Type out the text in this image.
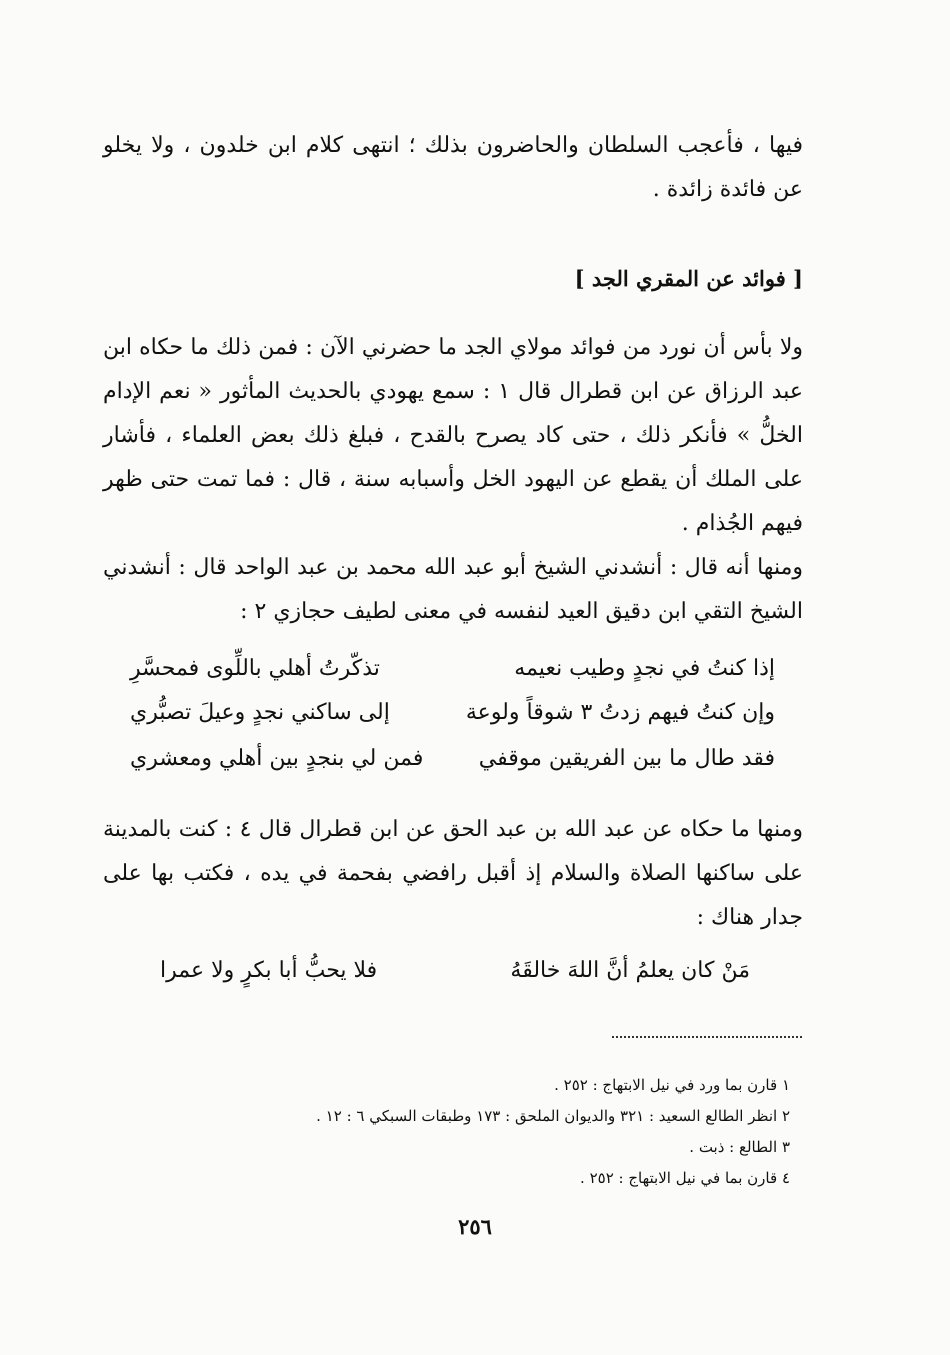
فيها ، فأعجب السلطان والحاضرون بذلك ؛ انتهى كلام ابن خلدون ، ولا يخلو عن فائدة زائدة .

[ فوائد عن المقري الجد ]

ولا بأس أن نورد من فوائد مولاي الجد ما حضرني الآن : فمن ذلك ما حكاه ابن عبد الرزاق عن ابن قطرال قال ١ : سمع يهودي بالحديث المأثور « نعم الإدام الخلُّ » فأنكر ذلك ، حتى كاد يصرح بالقدح ، فبلغ ذلك بعض العلماء ، فأشار على الملك أن يقطع عن اليهود الخل وأسبابه سنة ، قال : فما تمت حتى ظهر فيهم الجُذام .

ومنها أنه قال : أنشدني الشيخ أبو عبد الله محمد بن عبد الواحد قال : أنشدني الشيخ التقي ابن دقيق العيد لنفسه في معنى لطيف حجازي ٢ :

إذا كنتُ في نجدٍ وطيب نعيمه
تذكّرتُ أهلي باللِّوى فمحسَّرِ
وإن كنتُ فيهم زدتُ ٣ شوقاً ولوعة
إلى ساكني نجدٍ وعيلَ تصبُّري
فقد طال ما بين الفريقين موقفي
فمن لي بنجدٍ بين أهلي ومعشري

ومنها ما حكاه عن عبد الله بن عبد الحق عن ابن قطرال قال ٤ : كنت بالمدينة على ساكنها الصلاة والسلام إذ أقبل رافضي بفحمة في يده ، فكتب بها على جدار هناك :

مَنْ كان يعلمُ أنَّ اللهَ خالقَهُ
فلا يحبُّ أبا بكرٍ ولا عمرا

١ قارن بما ورد في نيل الابتهاج : ٢٥٢ .

٢ انظر الطالع السعيد : ٣٢١ والديوان الملحق : ١٧٣ وطبقات السبكي ٦ : ١٢ .

٣ الطالع : ذبت .

٤ قارن بما في نيل الابتهاج : ٢٥٢ .

٢٥٦
